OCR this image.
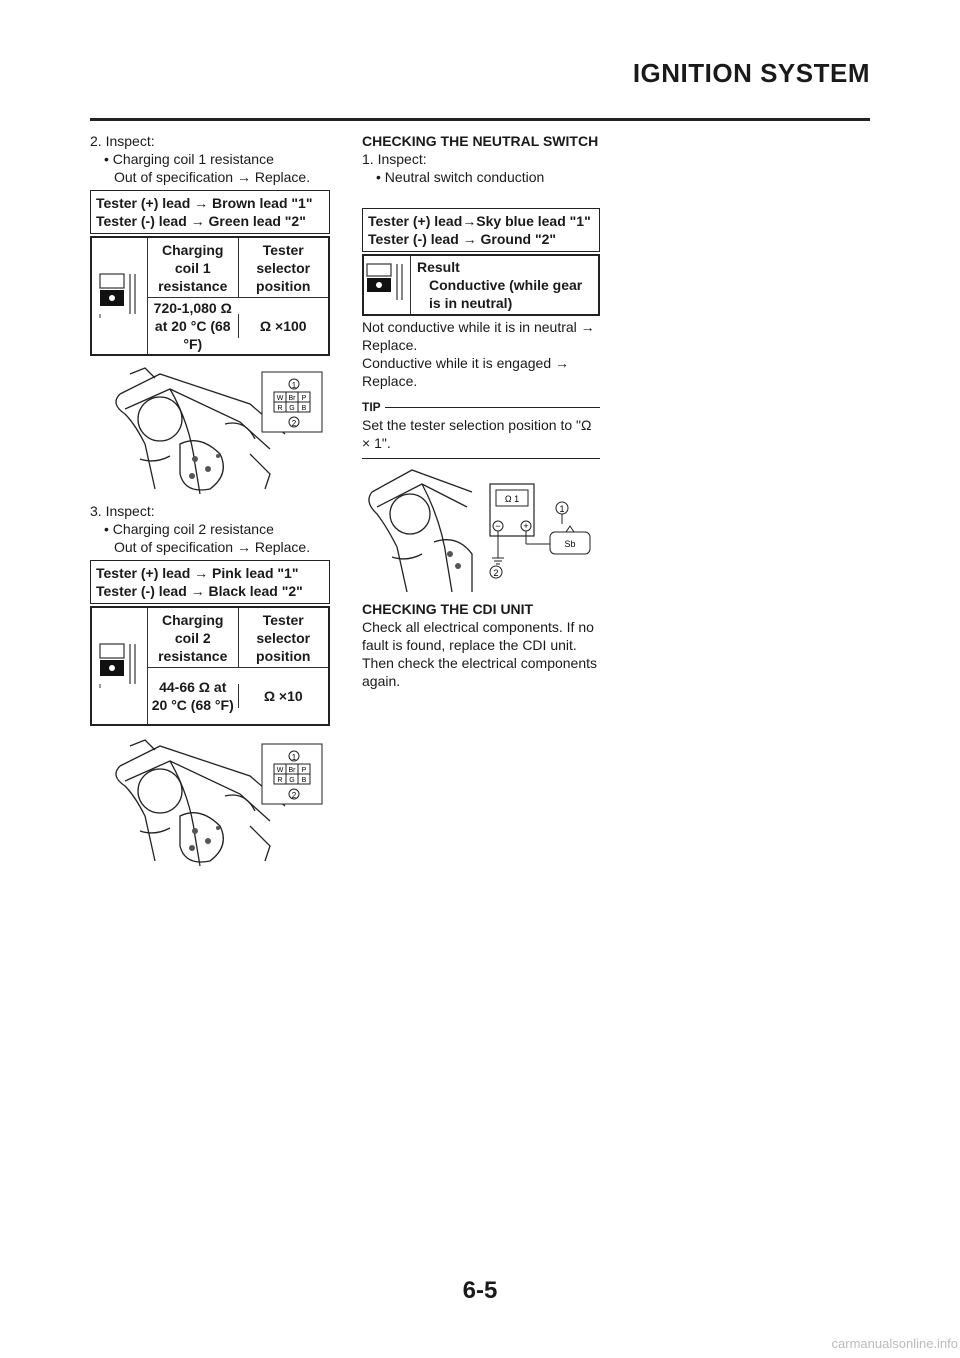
IGNITION SYSTEM
2. Inspect:
• Charging coil 1 resistance
Out of specification → Replace.
Tester (+) lead → Brown lead "1"
Tester (-) lead → Green lead "2"
Charging coil 1 resistance
Tester selector position
720-1,080 Ω at 20 °C (68 °F)
Ω ×100
1
W Br P
R G B
2
3. Inspect:
• Charging coil 2 resistance
Out of specification → Replace.
Tester (+) lead → Pink lead "1"
Tester (-) lead → Black lead "2"
Charging coil 2 resistance
Tester selector position
44-66 Ω at 20 °C (68 °F)
Ω ×10
1
W Br P
R G B
2
CHECKING THE NEUTRAL SWITCH
1. Inspect:
• Neutral switch conduction
Tester (+) lead→Sky blue lead "1"
Tester (-) lead → Ground "2"
Result
Conductive (while gear is in neutral)
Not conductive while it is in neutral → Replace.
Conductive while it is engaged → Replace.
TIP
Set the tester selection position to "Ω × 1".
Ω 1
−	+
Sb
1
2
CHECKING THE CDI UNIT
Check all electrical components. If no fault is found, replace the CDI unit. Then check the electrical components again.
6-5
carmanualsonline.info
